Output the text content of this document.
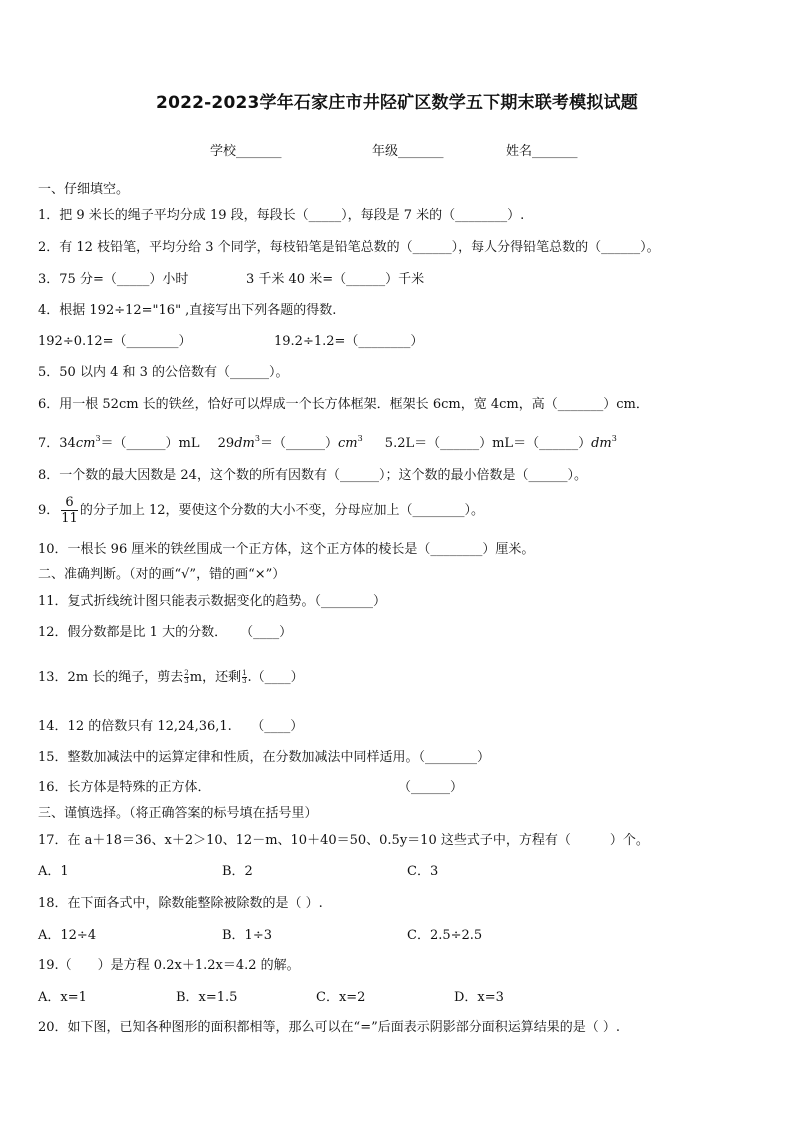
2022-2023学年石家庄市井陉矿区数学五下期末联考模拟试题
学校_______	年级_______	姓名_______
一、仔细填空。
1．把 9 米长的绳子平均分成 19 段，每段长（_____），每段是 7 米的（________）.
2．有 12 枝铅笔，平均分给 3 个同学，每枝铅笔是铅笔总数的（______），每人分得铅笔总数的（______）。
3．75 分=（_____）小时	3 千米 40 米=（______）千米
4．根据 192÷12="16" ,直接写出下列各题的得数.
192÷0.12=（________）	19.2÷1.2=（________）
5．50 以内 4 和 3 的公倍数有（______）。
6．用一根 52cm 长的铁丝，恰好可以焊成一个长方体框架．框架长 6cm，宽 4cm，高（_______）cm．
7．$34cm^3=(\_\_\_\_\_\_)mL$ $29dm^3=(\_\_\_\_\_\_)cm^3$ $5.2L=(\_\_\_\_\_\_)mL=(\_\_\_\_\_\_)dm^3$
8．一个数的最大因数是 24，这个数的所有因数有（______）；这个数的最小倍数是（______）。
9． $\frac{6}{11}$ 的分子加上 12，要使这个分数的大小不变，分母应加上（________）。
10．一根长 96 厘米的铁丝围成一个正方体，这个正方体的棱长是（________）厘米。
二、准确判断。（对的画“√”，错的画“×”）
11．复式折线统计图只能表示数据变化的趋势。（________）
12．假分数都是比 1 大的分数．　　（____）
13．2m 长的绳子，剪去 $\frac{2}{3}$ m，还剩 $\frac{1}{3}$ .（____）
14．12 的倍数只有 12,24,36,1.　　（____）
15．整数加减法中的运算定律和性质，在分数加减法中同样适用。（________）
16．长方体是特殊的正方体．	（______）
三、谨慎选择。（将正确答案的标号填在括号里）
17．在 a＋18＝36、x＋2＞10、12－m、10＋40＝50、0.5y＝10 这些式子中，方程有（　　　）个。
A．1	B．2	C．3
18．在下面各式中，除数能整除被除数的是（ ）.
A．12÷4	B．1÷3	C．2.5÷2.5
19.（　　）是方程 0.2x＋1.2x＝4.2 的解。
A．x=1	B．x=1.5	C．x=2	D．x=3
20．如下图，已知各种图形的面积都相等，那么可以在“=”后面表示阴影部分面积运算结果的是（ ）.
